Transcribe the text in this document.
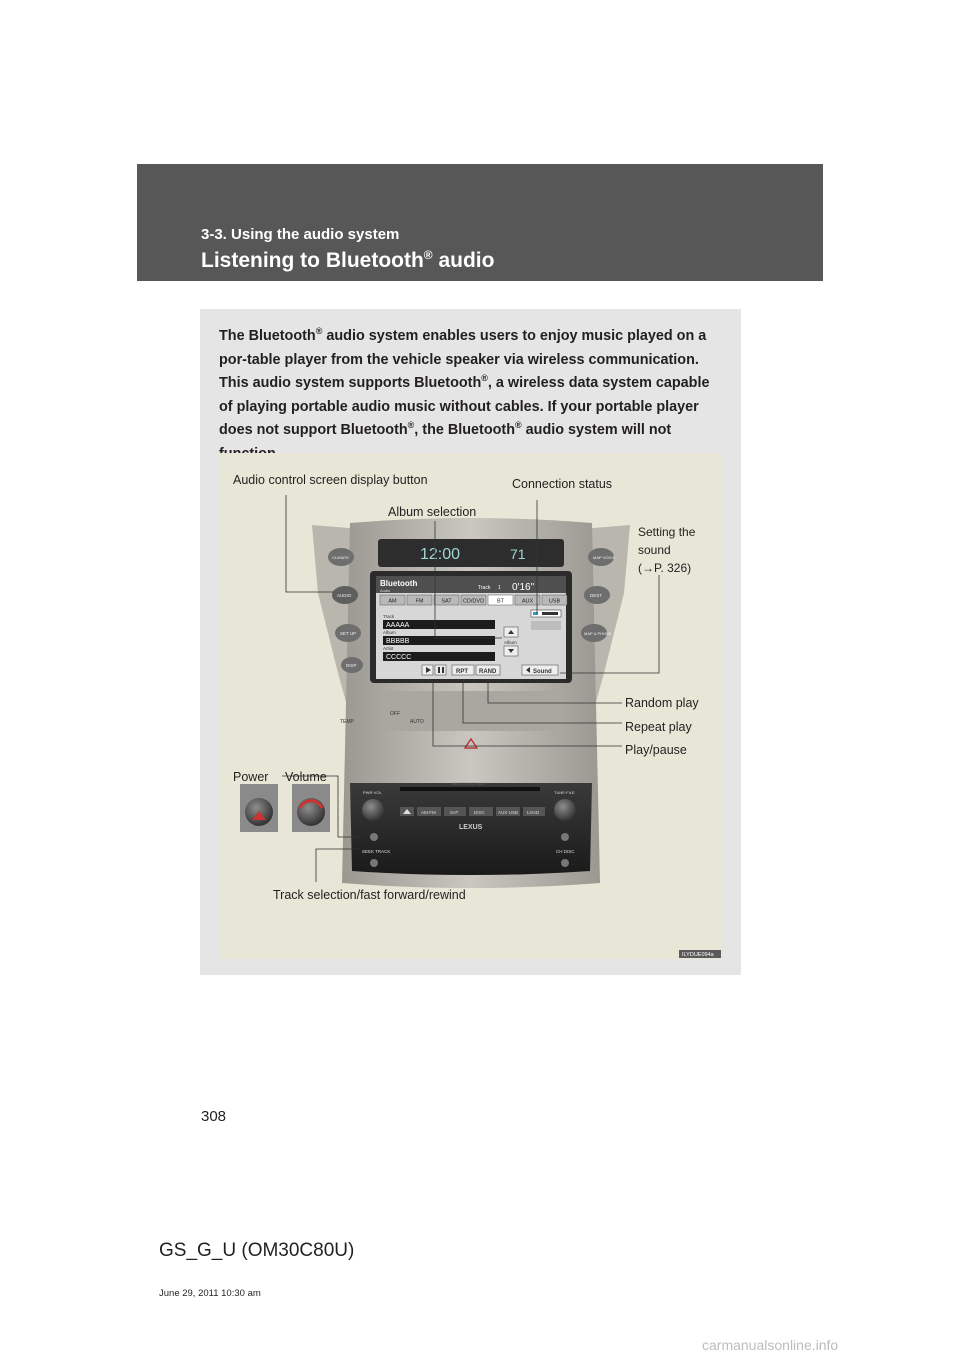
3-3. Using the audio system
Listening to Bluetooth® audio
The Bluetooth® audio system enables users to enjoy music played on a por-table player from the vehicle speaker via wireless communication.
This audio system supports Bluetooth®, a wireless data system capable of playing portable audio music without cables. If your portable player does not support Bluetooth®, the Bluetooth® audio system will not
12:00	71
Bluetooth
Audio	Track 1 0'16"
AM	FM	SAT CD/DVD BT	AUX	USB
Track
AAAAA
Album
BBBBB
Artist
CCCCC
Album
RPT RAND	Sound
CLIMATE
AUDIO
SET UP
DISP
MAP VOICE
DEST
MAP & PHONE
OFF
AUTO
TEMP
MULTI-DISC PLAY
PWR·VOL	TUNE·FILE
AM·FM	SAT	DISC	AUX·USB LOAD
LEXUS
SEEK TRACK	CH DISC
Audio control screen display button	Connection status
Album selection
Setting the
sound
(→P. 326)
Random play
Repeat play
Play/pause
Power Volume
Track selection/fast forward/rewind
ILYDUE094a
308
GS_G_U (OM30C80U)
June 29, 2011 10:30 am
carmanualsonline.info
